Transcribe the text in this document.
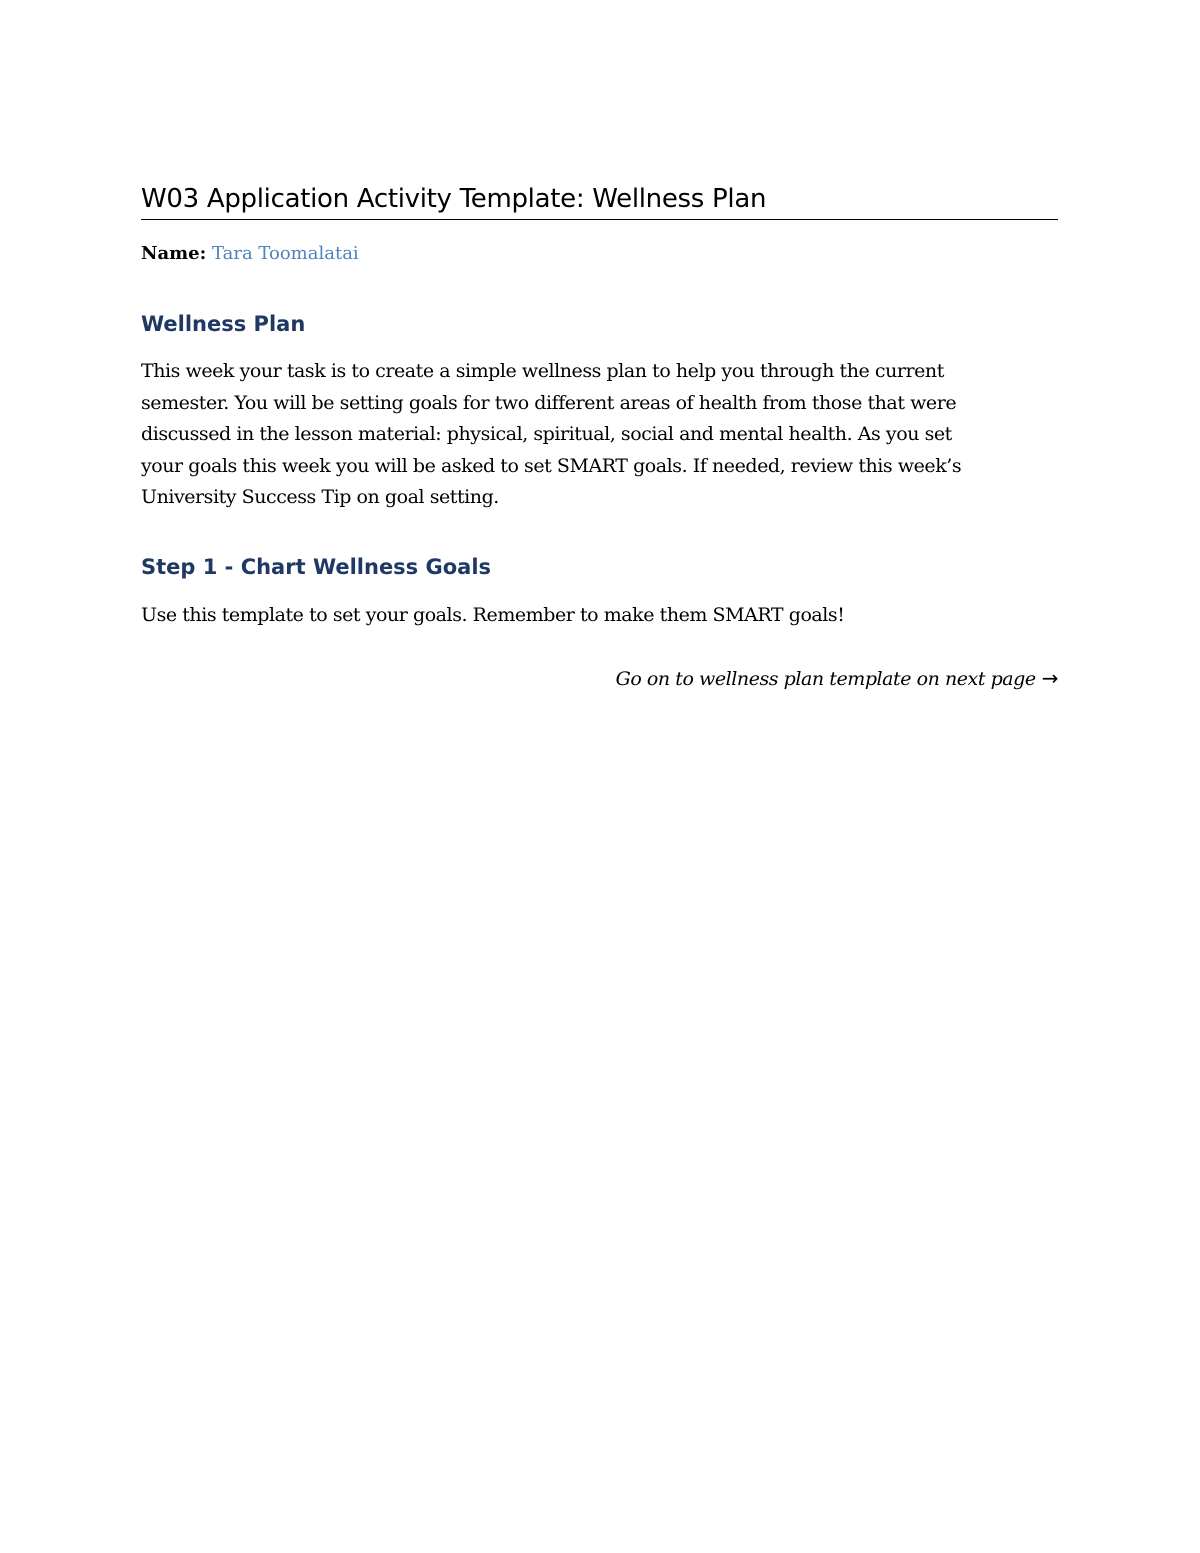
W03 Application Activity Template: Wellness Plan
Name: Tara Toomalatai
Wellness Plan
This week your task is to create a simple wellness plan to help you through the current
semester. You will be setting goals for two different areas of health from those that were
discussed in the lesson material: physical, spiritual, social and mental health. As you set
your goals this week you will be asked to set SMART goals. If needed, review this week’s
University Success Tip on goal setting.
Step 1 - Chart Wellness Goals

Use this template to set your goals. Remember to make them SMART goals!

Go on to wellness plan template on next page →
